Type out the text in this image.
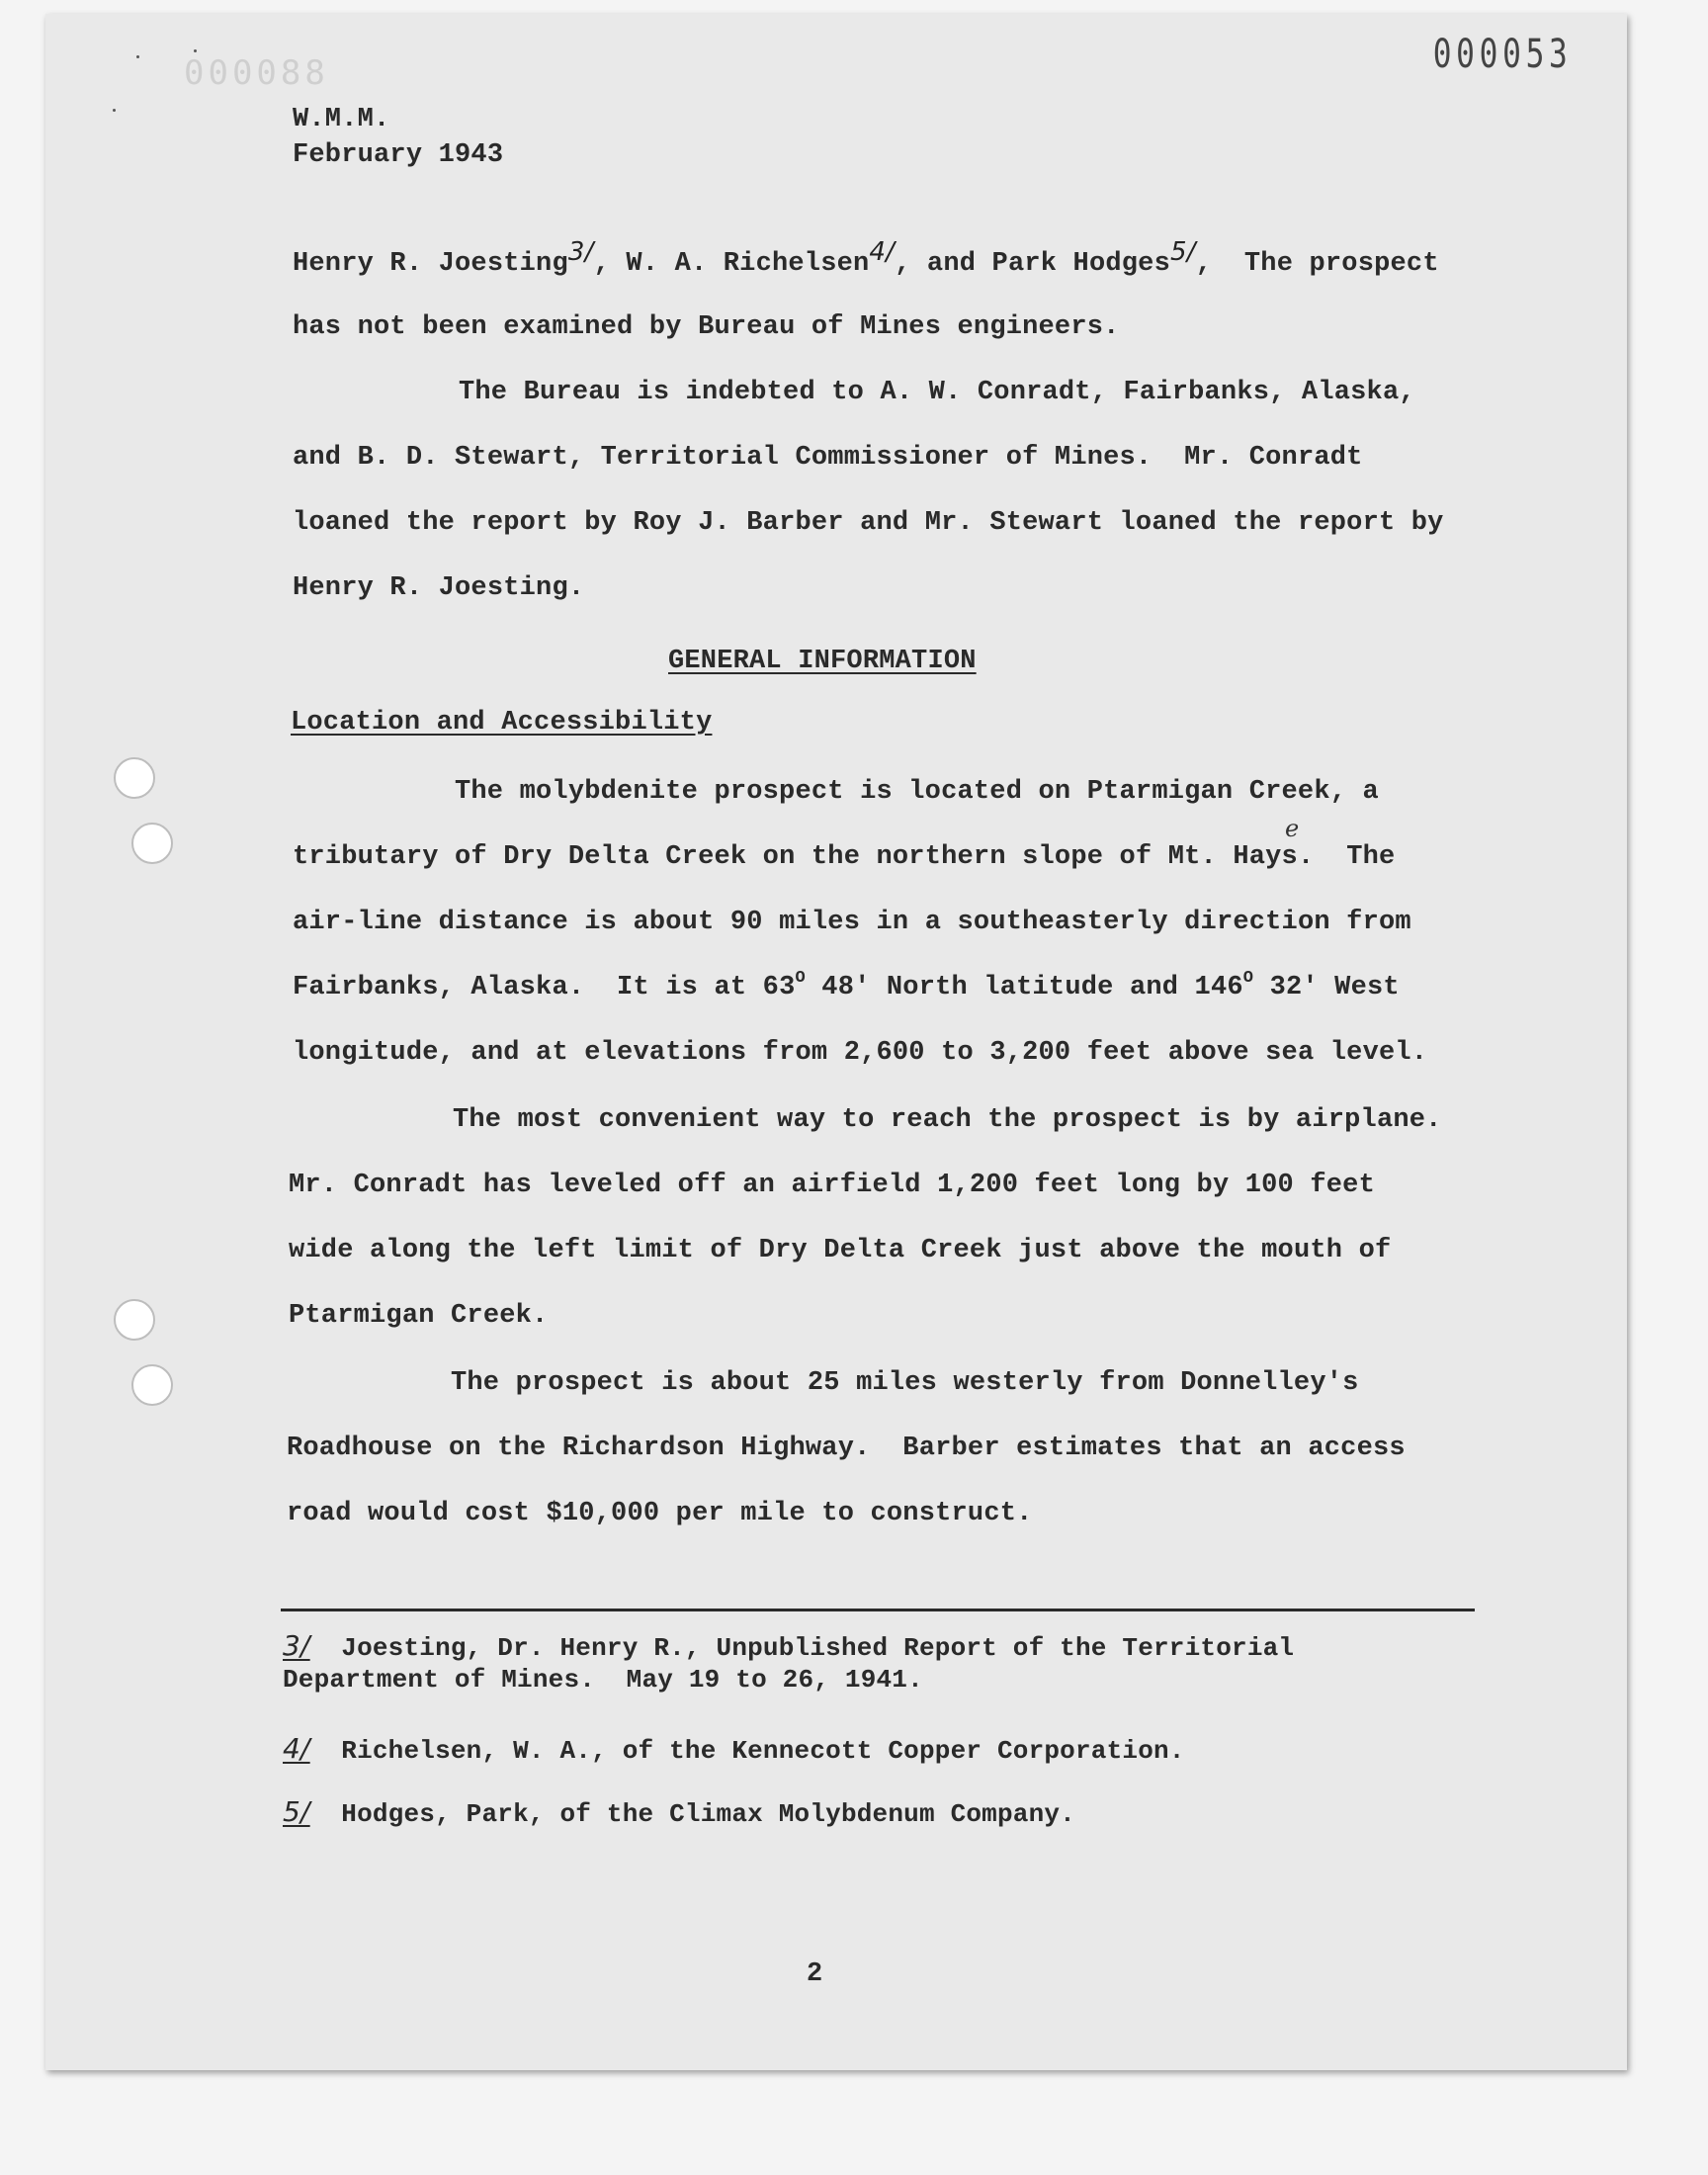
000088	000053
W.M.M.
February 1943
Henry R. Joesting3/, W. A. Richelsen4/, and Park Hodges5/,  The prospect
has not been examined by Bureau of Mines engineers.
The Bureau is indebted to A. W. Conradt, Fairbanks, Alaska,
and B. D. Stewart, Territorial Commissioner of Mines.  Mr. Conradt
loaned the report by Roy J. Barber and Mr. Stewart loaned the report by
Henry R. Joesting.
GENERAL INFORMATION
Location and Accessibility
The molybdenite prospect is located on Ptarmigan Creek, a
tributary of Dry Delta Creek on the northern slope of Mt. Hays. The
e
air-line distance is about 90 miles in a southeasterly direction from
Fairbanks, Alaska.  It is at $63^O$ 48' North latitude and $146^O$ 32' West
longitude, and at elevations from 2,600 to 3,200 feet above sea level.
The most convenient way to reach the prospect is by airplane.
Mr. Conradt has leveled off an airfield 1,200 feet long by 100 feet
wide along the left limit of Dry Delta Creek just above the mouth of
Ptarmigan Creek.
The prospect is about 25 miles westerly from Donnelley's
Roadhouse on the Richardson Highway.  Barber estimates that an access
road would cost $10,000 per mile to construct.
3/ Joesting, Dr. Henry R., Unpublished Report of the Territorial
Department of Mines.  May 19 to 26, 1941.
4/ Richelsen, W. A., of the Kennecott Copper Corporation.
5/ Hodges, Park, of the Climax Molybdenum Company.
2
